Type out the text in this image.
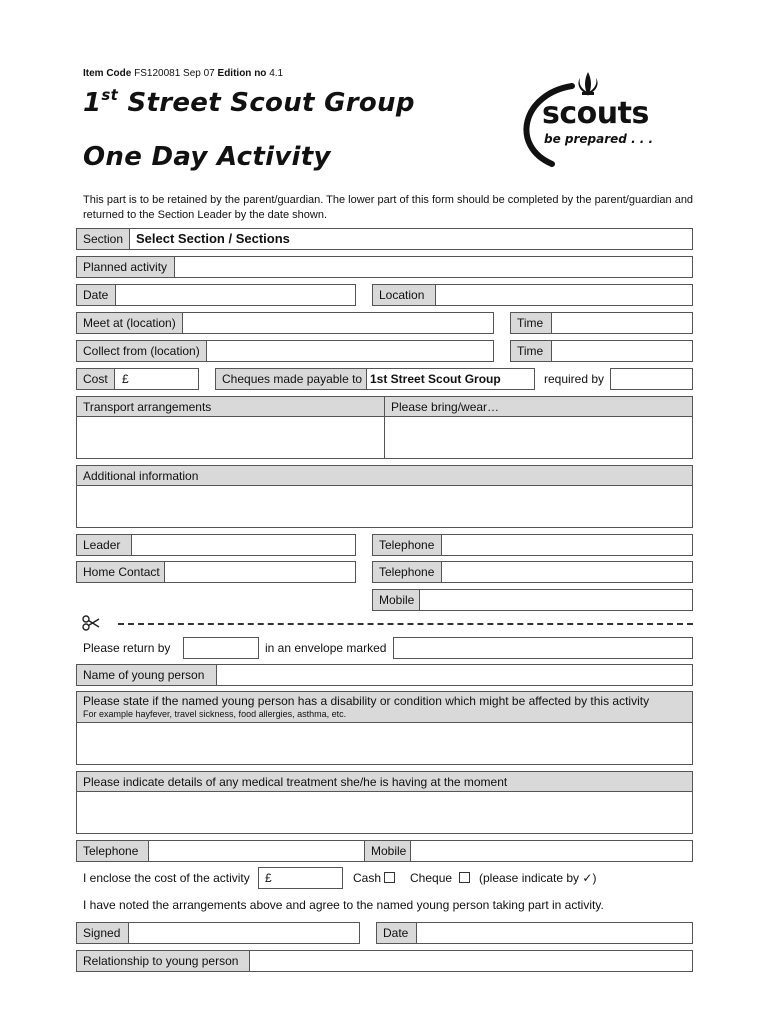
Item Code FS120081 Sep 07 Edition no 4.1
1st Street Scout Group
One Day Activity
scouts
be prepared . . .
This part is to be retained by the parent/guardian. The lower part of this form should be completed by the parent/guardian and
returned to the Section Leader by the date shown.
Section Select Section / Sections
Planned activity
Date	Location
Meet at (location)	Time
Collect from (location)	Time
Cost	£	Cheques made payable to 1st Street Scout Group	required by
Transport arrangements	Please bring/wear…
Additional information
Leader	Telephone
Home Contact	Telephone
Mobile
Please return by	in an envelope marked
Name of young person
Please state if the named young person has a disability or condition which might be affected by this activity
For example hayfever, travel sickness, food allergies, asthma, etc.
Please indicate details of any medical treatment she/he is having at the moment
Telephone	Mobile
I enclose the cost of the activity £	Cash Cheque (please indicate by ✓)
I have noted the arrangements above and agree to the named young person taking part in activity.
Signed	Date
Relationship to young person
